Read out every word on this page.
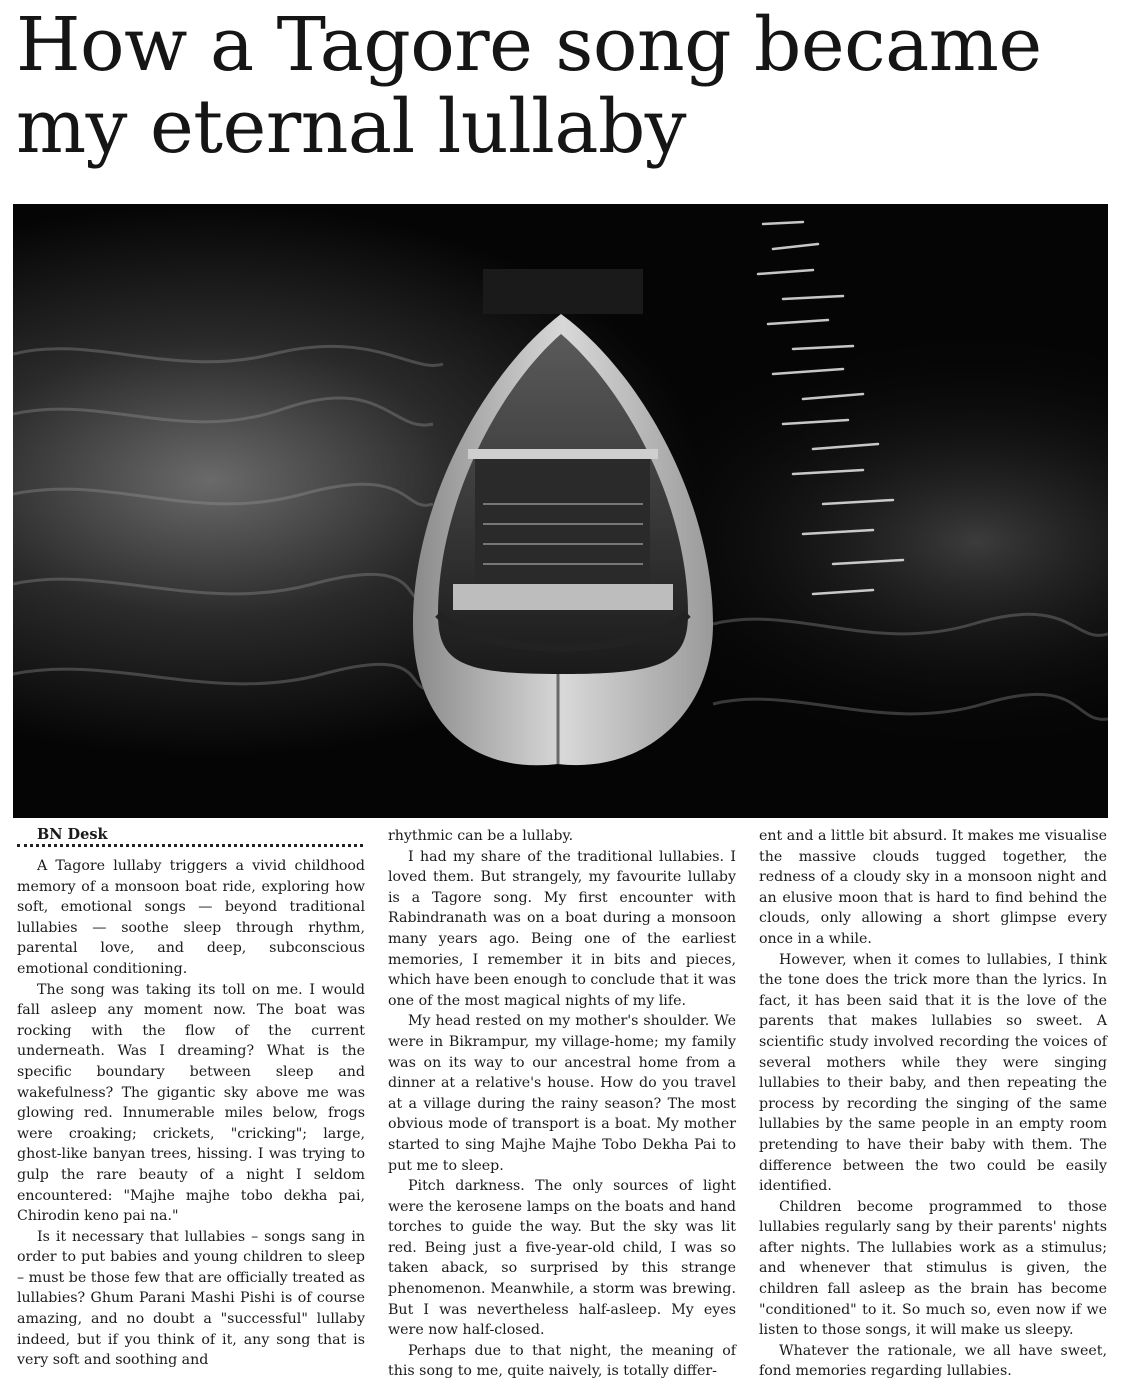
How a Tagore song became my eternal lullaby

BN Desk

A Tagore lullaby triggers a vivid childhood memory of a monsoon boat ride, exploring how soft, emotional songs — beyond traditional lullabies — soothe sleep through rhythm, parental love, and deep, subconscious emotional conditioning.

The song was taking its toll on me. I would fall asleep any moment now. The boat was rocking with the flow of the current underneath. Was I dreaming? What is the specific boundary between sleep and wakefulness? The gigantic sky above me was glowing red. Innumerable miles below, frogs were croaking; crickets, "cricking"; large, ghost-like banyan trees, hissing. I was trying to gulp the rare beauty of a night I seldom encountered: "Majhe majhe tobo dekha pai, Chirodin keno pai na."

Is it necessary that lullabies – songs sang in order to put babies and young children to sleep – must be those few that are officially treated as lullabies? Ghum Parani Mashi Pishi is of course amazing, and no doubt a "successful" lullaby indeed, but if you think of it, any song that is very soft and soothing and

rhythmic can be a lullaby.

I had my share of the traditional lullabies. I loved them. But strangely, my favourite lullaby is a Tagore song. My first encounter with Rabindranath was on a boat during a monsoon many years ago. Being one of the earliest memories, I remember it in bits and pieces, which have been enough to conclude that it was one of the most magical nights of my life.

My head rested on my mother's shoulder. We were in Bikrampur, my village-home; my family was on its way to our ancestral home from a dinner at a relative's house. How do you travel at a village during the rainy season? The most obvious mode of transport is a boat. My mother started to sing Majhe Majhe Tobo Dekha Pai to put me to sleep.

Pitch darkness. The only sources of light were the kerosene lamps on the boats and hand torches to guide the way. But the sky was lit red. Being just a five-year-old child, I was so taken aback, so surprised by this strange phenomenon. Meanwhile, a storm was brewing. But I was nevertheless half-asleep. My eyes were now half-closed.

Perhaps due to that night, the meaning of this song to me, quite naively, is totally differ-

ent and a little bit absurd. It makes me visualise the massive clouds tugged together, the redness of a cloudy sky in a monsoon night and an elusive moon that is hard to find behind the clouds, only allowing a short glimpse every once in a while.

However, when it comes to lullabies, I think the tone does the trick more than the lyrics. In fact, it has been said that it is the love of the parents that makes lullabies so sweet. A scientific study involved recording the voices of several mothers while they were singing lullabies to their baby, and then repeating the process by recording the singing of the same lullabies by the same people in an empty room pretending to have their baby with them. The difference between the two could be easily identified.

Children become programmed to those lullabies regularly sang by their parents' nights after nights. The lullabies work as a stimulus; and whenever that stimulus is given, the children fall asleep as the brain has become "conditioned" to it. So much so, even now if we listen to those songs, it will make us sleepy.

Whatever the rationale, we all have sweet, fond memories regarding lullabies.
